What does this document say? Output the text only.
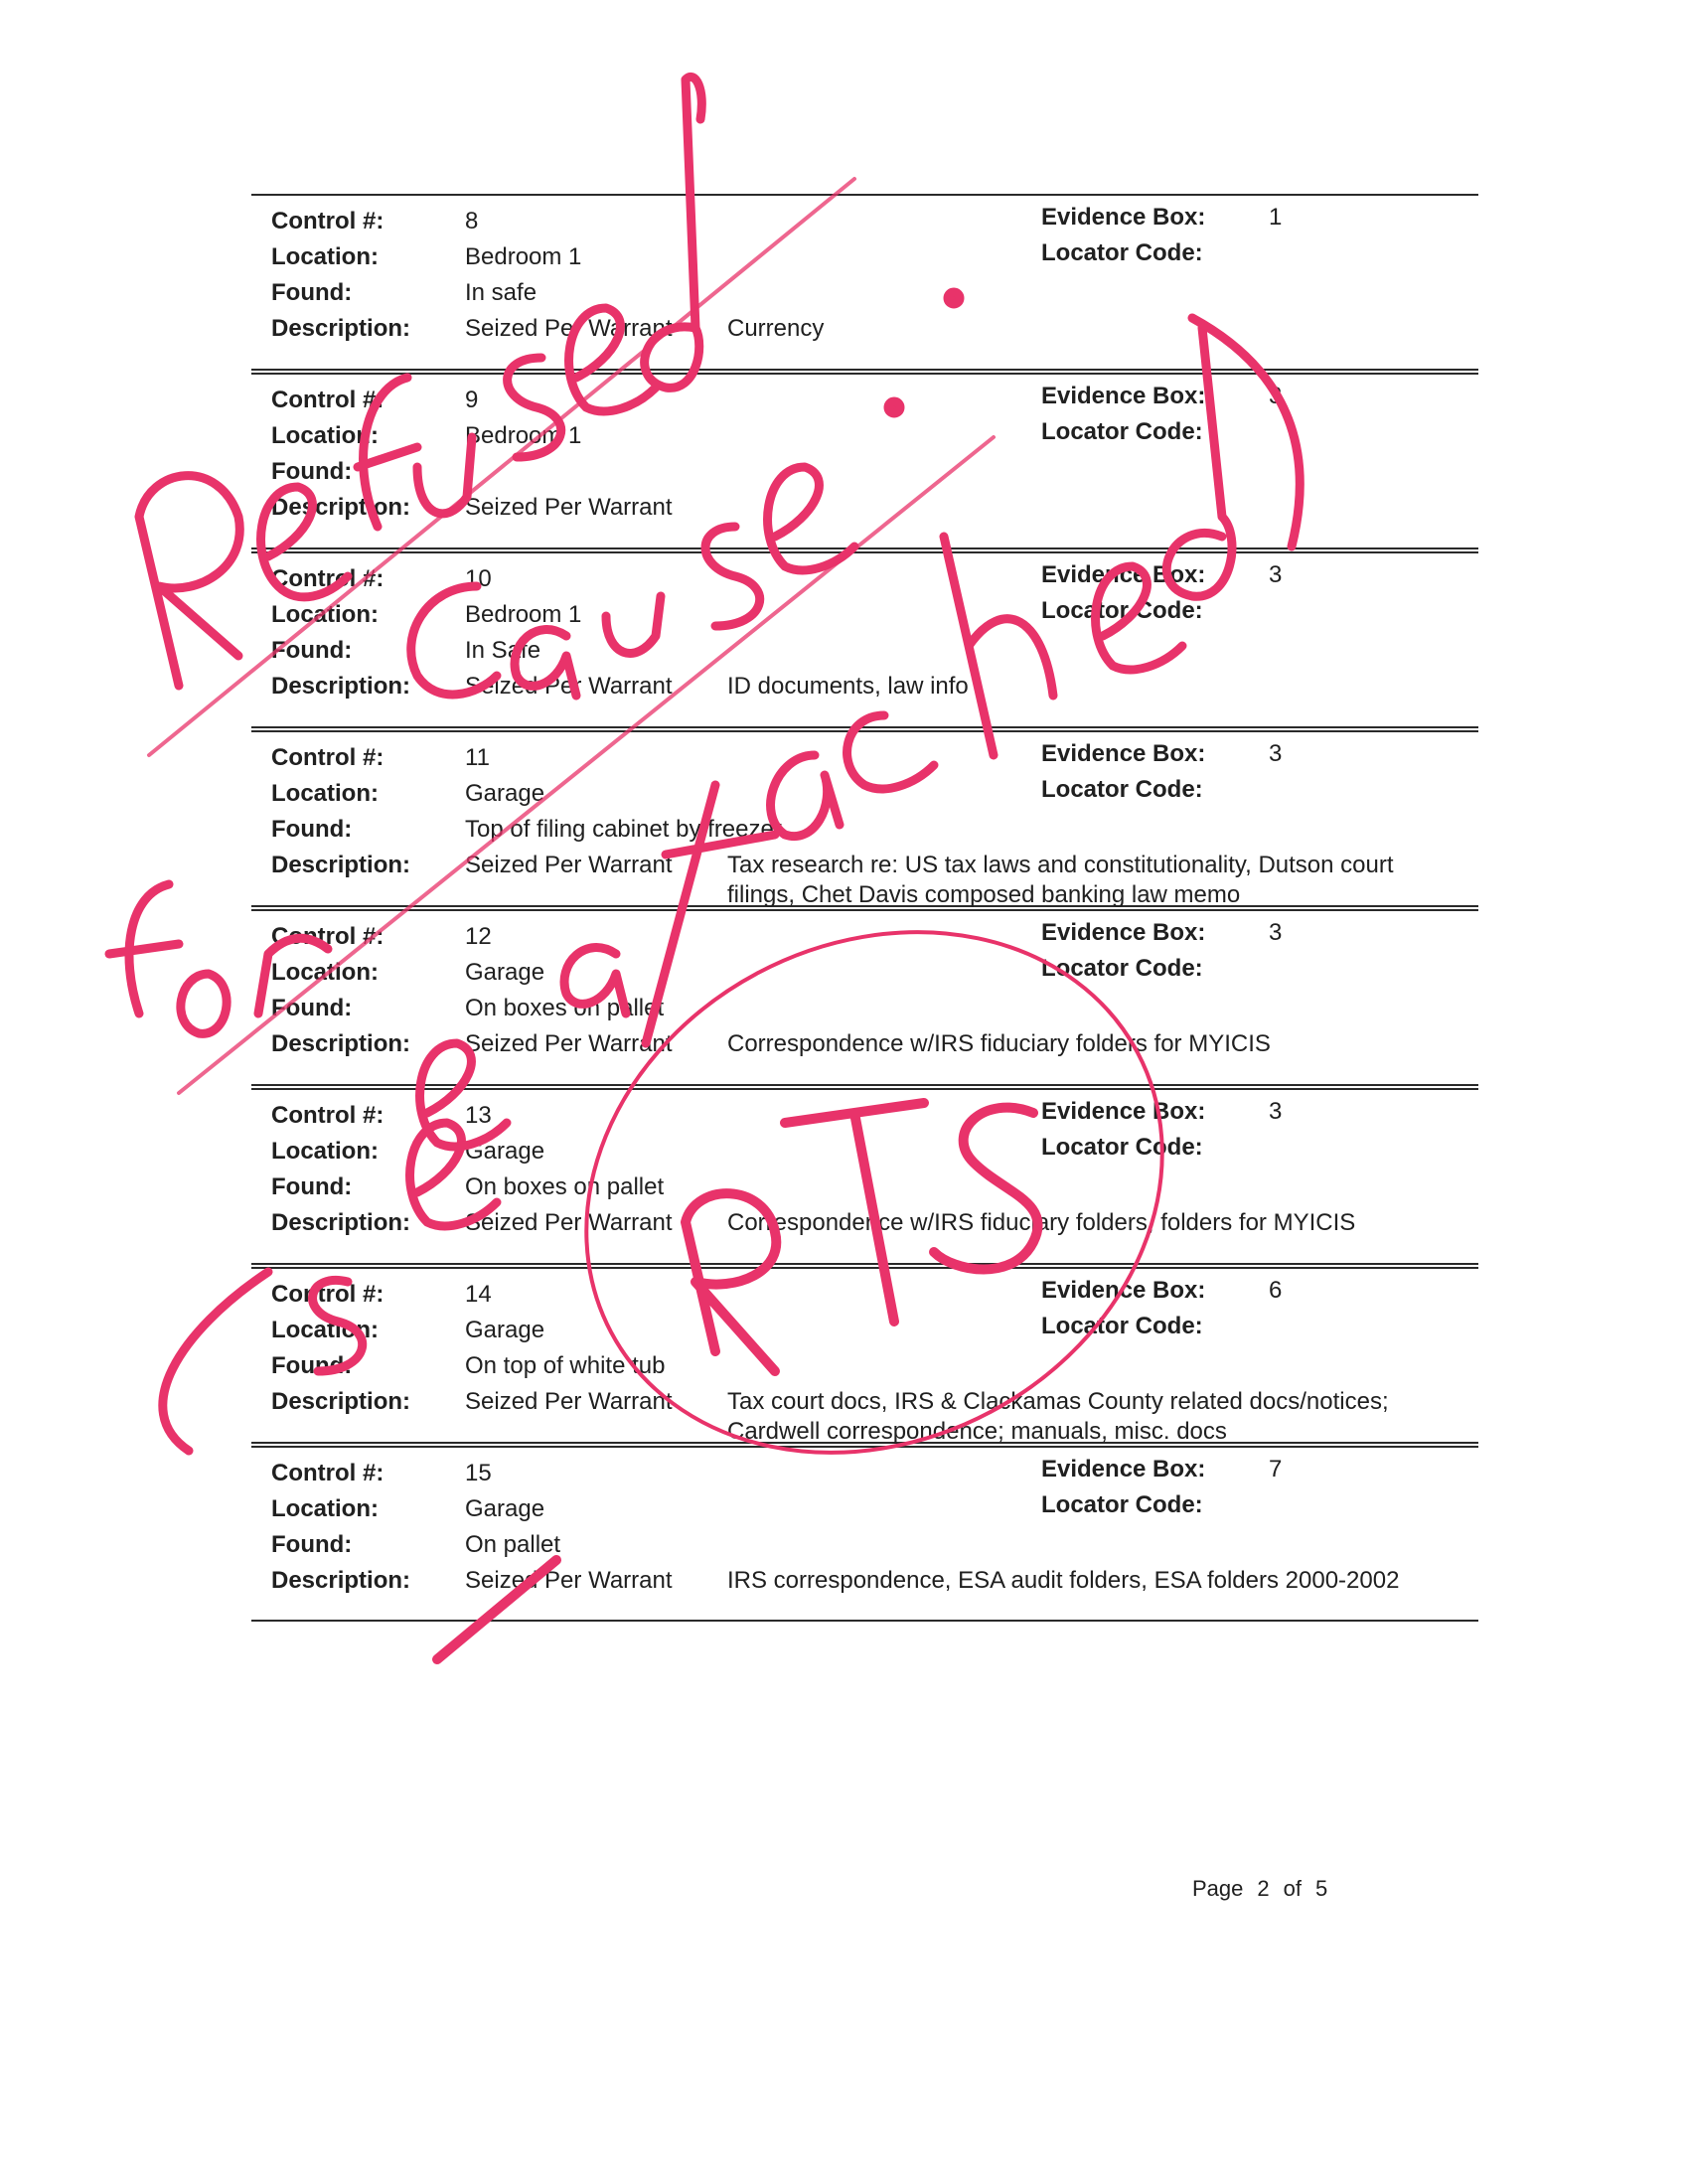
Control #:
Location:
Found:
Description:
8
Bedroom 1
In safe
Seized Per Warrant Currency
Evidence Box:
Locator Code:
1
Control #:
Location:
Found:
Description:
9
Bedroom 1
Seized Per Warrant
Evidence Box:
Locator Code:
3
Control #:
Location:
Found:
Description:
10
Bedroom 1
In Safe
Seized Per Warrant ID documents, law info
Evidence Box:
Locator Code:
3
Control #:
Location:
Found:
Description:
11
Garage
Top of filing cabinet by freezer
Seized Per Warrant Tax research re: US tax laws and constitutionality, Dutson court filings, Chet Davis composed banking law memo
Evidence Box:
Locator Code:
3
Control #:
Location:
Found:
Description:
12
Garage
On boxes on pallet
Seized Per Warrant Correspondence w/IRS fiduciary folders for MYICIS
Evidence Box:
Locator Code:
3
Control #:
Location:
Found:
Description:
13
Garage
On boxes on pallet
Seized Per Warrant Correspondence w/IRS fiduciary folders, folders for MYICIS
Evidence Box:
Locator Code:
3
Control #:
Location:
Found:
Description:
14
Garage
On top of white tub
Seized Per Warrant Tax court docs, IRS & Clackamas County related docs/notices; Cardwell correspondence; manuals, misc. docs
Evidence Box:
Locator Code:
6
Control #:
Location:
Found:
Description:
15
Garage
On pallet
Seized Per Warrant IRS correspondence, ESA audit folders, ESA folders 2000-2002
Evidence Box:
Locator Code:
7
Page 2 of 5
